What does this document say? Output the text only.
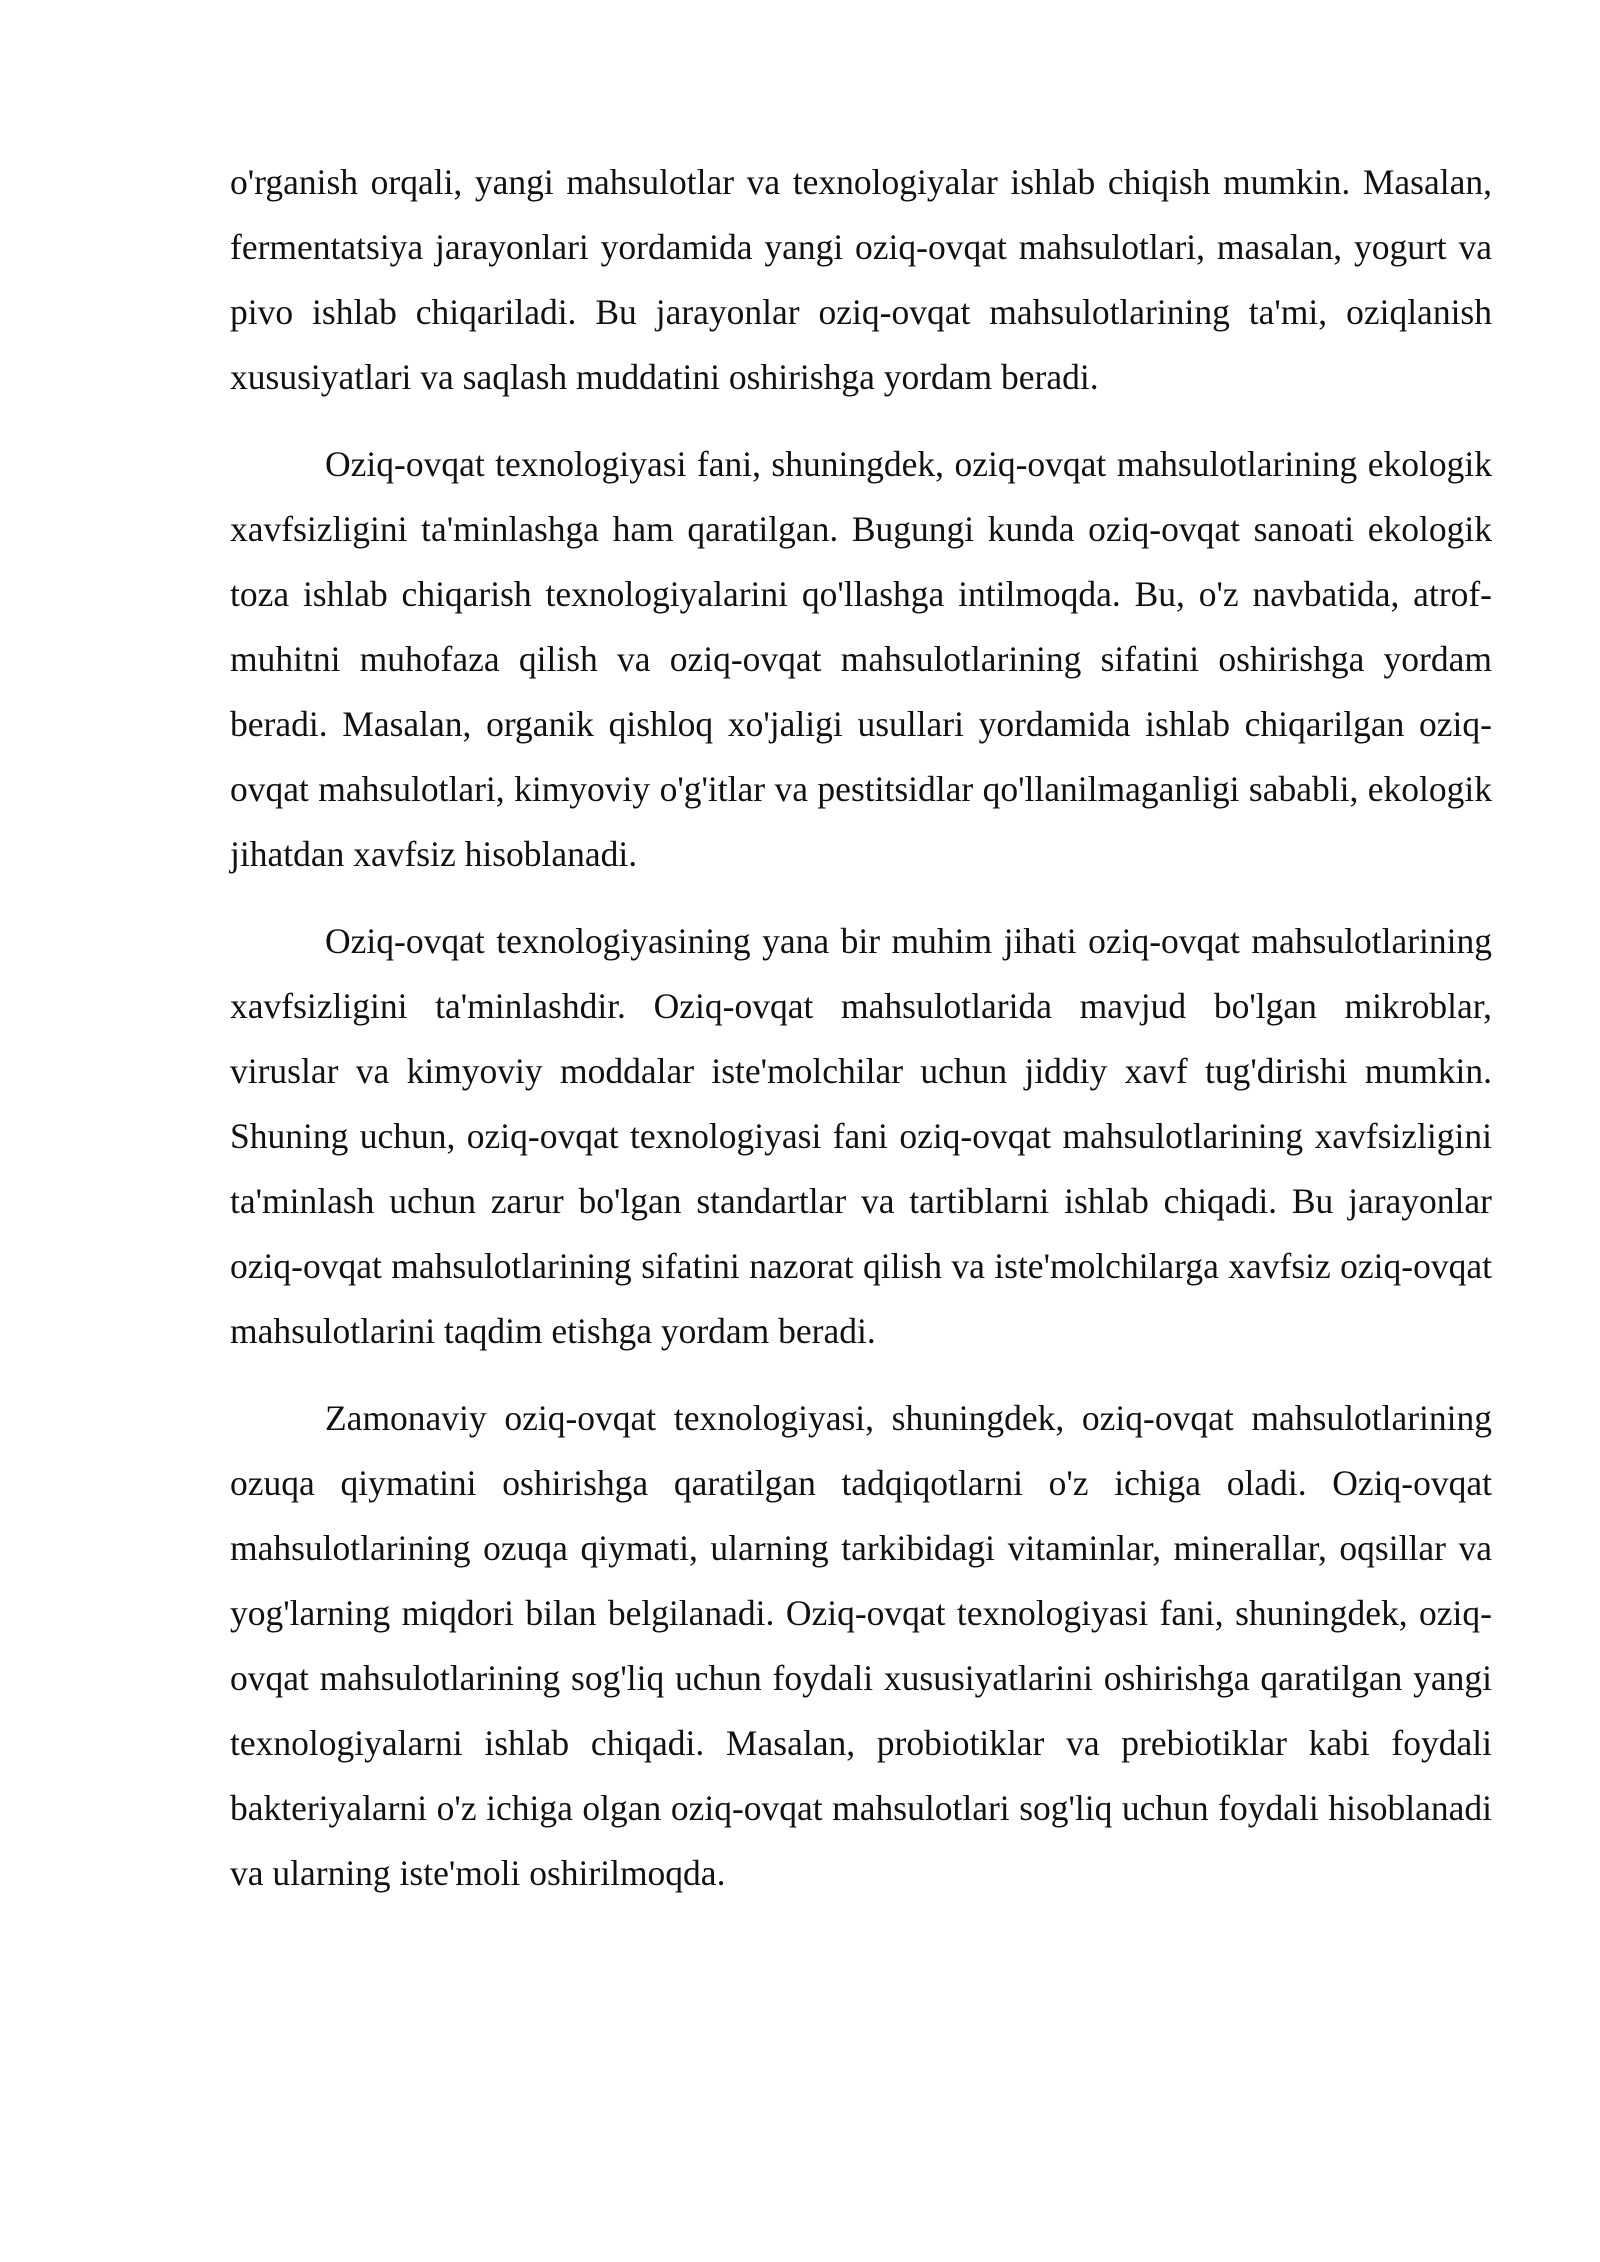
o'rganish orqali, yangi mahsulotlar va texnologiyalar ishlab chiqish mumkin. Masalan, fermentatsiya jarayonlari yordamida yangi oziq-ovqat mahsulotlari, masalan, yogurt va pivo ishlab chiqariladi. Bu jarayonlar oziq-ovqat mahsulotlarining ta'mi, oziqlanish xususiyatlari va saqlash muddatini oshirishga yordam beradi.

Oziq-ovqat texnologiyasi fani, shuningdek, oziq-ovqat mahsulotlarining ekologik xavfsizligini ta'minlashga ham qaratilgan. Bugungi kunda oziq-ovqat sanoati ekologik toza ishlab chiqarish texnologiyalarini qo'llashga intilmoqda. Bu, o'z navbatida, atrof-muhitni muhofaza qilish va oziq-ovqat mahsulotlarining sifatini oshirishga yordam beradi. Masalan, organik qishloq xo'jaligi usullari yordamida ishlab chiqarilgan oziq-ovqat mahsulotlari, kimyoviy o'g'itlar va pestitsidlar qo'llanilmaganligi sababli, ekologik jihatdan xavfsiz hisoblanadi.

Oziq-ovqat texnologiyasining yana bir muhim jihati oziq-ovqat mahsulotlarining xavfsizligini ta'minlashdir. Oziq-ovqat mahsulotlarida mavjud bo'lgan mikroblar, viruslar va kimyoviy moddalar iste'molchilar uchun jiddiy xavf tug'dirishi mumkin. Shuning uchun, oziq-ovqat texnologiyasi fani oziq-ovqat mahsulotlarining xavfsizligini ta'minlash uchun zarur bo'lgan standartlar va tartiblarni ishlab chiqadi. Bu jarayonlar oziq-ovqat mahsulotlarining sifatini nazorat qilish va iste'molchilarga xavfsiz oziq-ovqat mahsulotlarini taqdim etishga yordam beradi.

Zamonaviy oziq-ovqat texnologiyasi, shuningdek, oziq-ovqat mahsulotlarining ozuqa qiymatini oshirishga qaratilgan tadqiqotlarni o'z ichiga oladi. Oziq-ovqat mahsulotlarining ozuqa qiymati, ularning tarkibidagi vitaminlar, minerallar, oqsillar va yog'larning miqdori bilan belgilanadi. Oziq-ovqat texnologiyasi fani, shuningdek, oziq-ovqat mahsulotlarining sog'liq uchun foydali xususiyatlarini oshirishga qaratilgan yangi texnologiyalarni ishlab chiqadi. Masalan, probiotiklar va prebiotiklar kabi foydali bakteriyalarni o'z ichiga olgan oziq-ovqat mahsulotlari sog'liq uchun foydali hisoblanadi va ularning iste'moli oshirilmoqda.
